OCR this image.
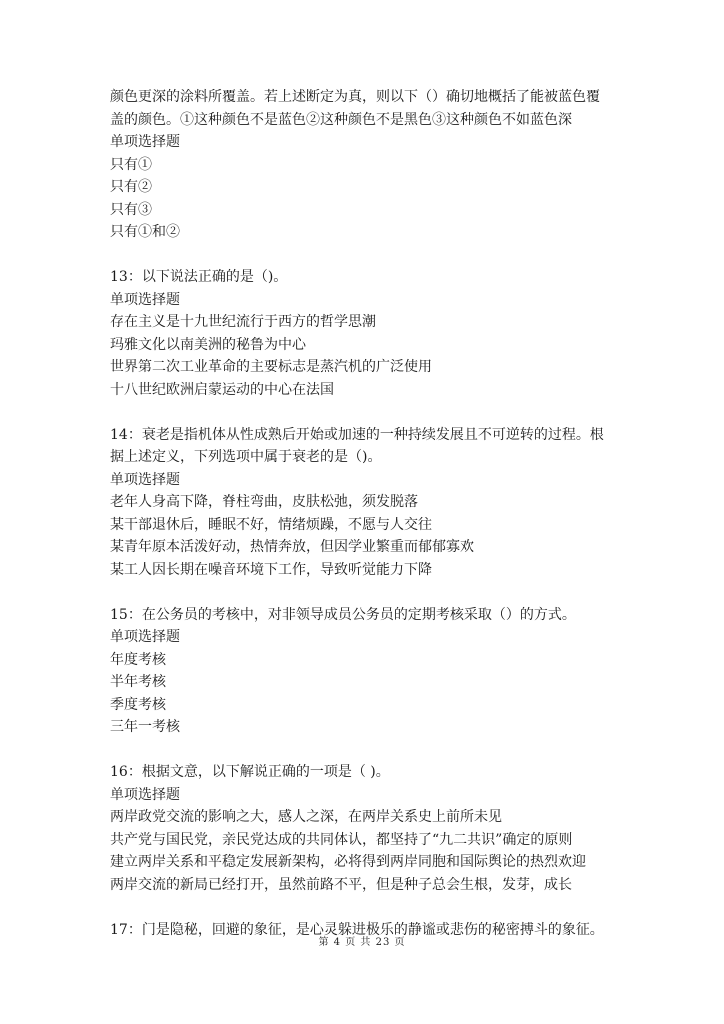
颜色更深的涂料所覆盖。若上述断定为真，则以下（）确切地概括了能被蓝色覆
盖的颜色。①这种颜色不是蓝色②这种颜色不是黑色③这种颜色不如蓝色深
单项选择题
只有①
只有②
只有③
只有①和②
13：以下说法正确的是（)。
单项选择题
存在主义是十九世纪流行于西方的哲学思潮
玛雅文化以南美洲的秘鲁为中心
世界第二次工业革命的主要标志是蒸汽机的广泛使用
十八世纪欧洲启蒙运动的中心在法国
14：衰老是指机体从性成熟后开始或加速的一种持续发展且不可逆转的过程。根
据上述定义，下列选项中属于衰老的是（)。
单项选择题
老年人身高下降，脊柱弯曲，皮肤松弛，须发脱落
某干部退休后，睡眠不好，情绪烦躁，不愿与人交往
某青年原本活泼好动，热情奔放，但因学业繁重而郁郁寡欢
某工人因长期在噪音环境下工作，导致听觉能力下降
15：在公务员的考核中，对非领导成员公务员的定期考核采取（）的方式。
单项选择题
年度考核
半年考核
季度考核
三年一考核
16：根据文意，以下解说正确的一项是（ )。
单项选择题
两岸政党交流的影响之大，感人之深，在两岸关系史上前所未见
共产党与国民党，亲民党达成的共同体认，都坚持了“九二共识”确定的原则
建立两岸关系和平稳定发展新架构，必将得到两岸同胞和国际舆论的热烈欢迎
两岸交流的新局已经打开，虽然前路不平，但是种子总会生根，发芽，成长
17：门是隐秘，回避的象征，是心灵躲进极乐的静谧或悲伤的秘密搏斗的象征。
第 4 页 共 23 页
